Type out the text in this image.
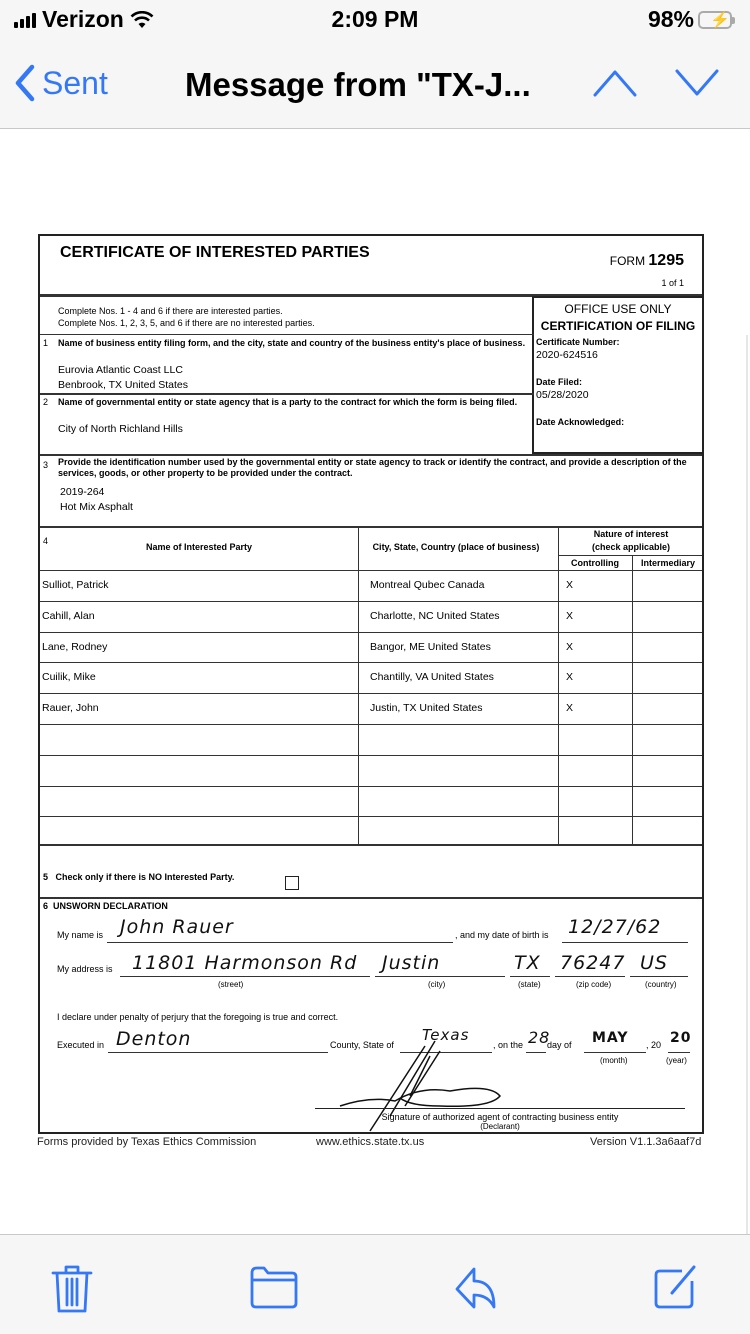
Verizon	2:09 PM	98% ⚡
Sent Message from "TX-J...
CERTIFICATE OF INTERESTED PARTIES	FORM 1295
1 of 1
Complete Nos. 1 - 4 and 6 if there are interested parties.
Complete Nos. 1, 2, 3, 5, and 6 if there are no interested parties.
OFFICE USE ONLY
CERTIFICATION OF FILING
Certificate Number:
2020-624516
Date Filed:
05/28/2020
Date Acknowledged:
1 Name of business entity filing form, and the city, state and country of the business entity's place of business.
Eurovia Atlantic Coast LLC
Benbrook, TX United States
2 Name of governmental entity or state agency that is a party to the contract for which the form is being filed.
City of North Richland Hills
3 Provide the identification number used by the governmental entity or state agency to track or identify the contract, and provide a description of the services, goods, or other property to be provided under the contract.
2019-264
Hot Mix Asphalt
4
Name of Interested Party	City, State, Country (place of business)
Nature of interest
(check applicable)
Controlling	Intermediary
Sulliot, Patrick	Montreal Qubec Canada	X
Cahill, Alan	Charlotte, NC United States	X
Lane, Rodney	Bangor, ME United States	X
Cuilik, Mike	Chantilly, VA United States	X
Rauer, John	Justin, TX United States	X
5 Check only if there is NO Interested Party.
6 UNSWORN DECLARATION
My name is John Rauer	, and my date of birth is 12/27/62
My address is 11801 Harmonson Rd Justin	TX 76247 US
(street)	(city)	(state)	(zip code)	(country)
I declare under penalty of perjury that the foregoing is true and correct.
Executed in Denton	County, State of
Texas
, on the 28
day of MAY , 20 20
(month)	(year)
Signature of authorized agent of contracting business entity
(Declarant)
Forms provided by Texas Ethics Commission	www.ethics.state.tx.us	Version V1.1.3a6aaf7d
